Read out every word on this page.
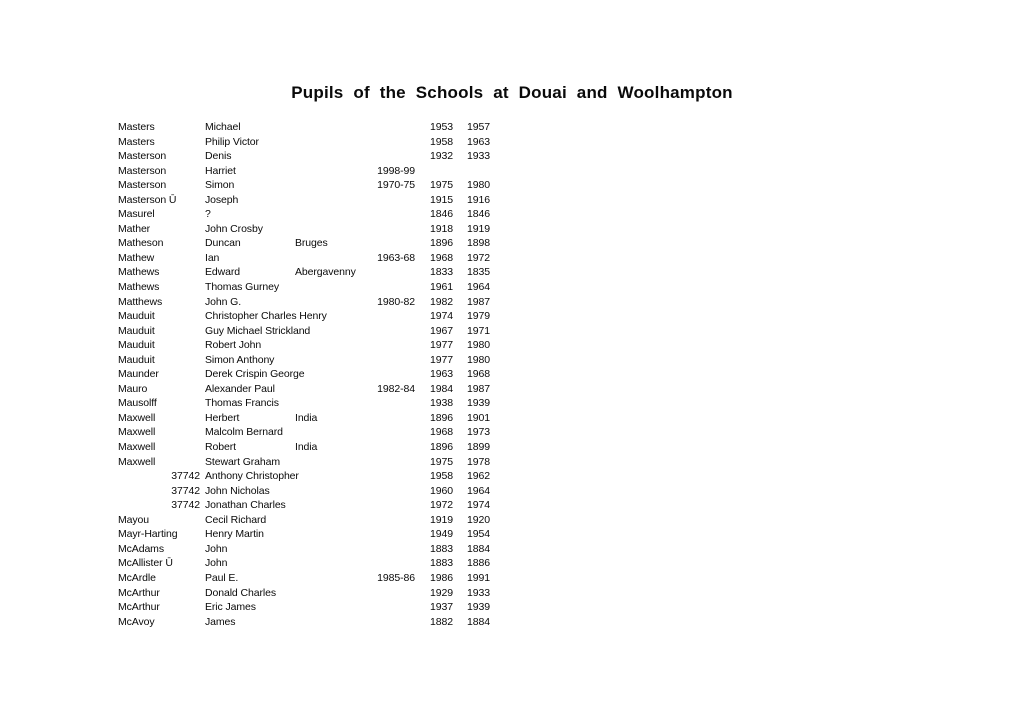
Pupils of the Schools at Douai and Woolhampton
Masters	Michael	1953	1957
Masters	Philip Victor	1958	1963
Masterson	Denis	1932	1933
Masterson	Harriet	1998-99
Masterson	Simon	1970-75	1975	1980
Masterson Ū	Joseph	1915	1916
Masurel	?	1846	1846
Mather	John Crosby	1918	1919
Matheson	Duncan	Bruges	1896	1898
Mathew	Ian	1963-68	1968	1972
Mathews	Edward	Abergavenny	1833	1835
Mathews	Thomas Gurney	1961	1964
Matthews	John G.	1980-82	1982	1987
Mauduit	Christopher Charles Henry	1974	1979
Mauduit	Guy Michael Strickland	1967	1971
Mauduit	Robert John	1977	1980
Mauduit	Simon Anthony	1977	1980
Maunder	Derek Crispin George	1963	1968
Mauro	Alexander Paul	1982-84	1984	1987
Mausolff	Thomas Francis	1938	1939
Maxwell	Herbert	India	1896	1901
Maxwell	Malcolm Bernard	1968	1973
Maxwell	Robert	India	1896	1899
Maxwell	Stewart Graham	1975	1978
37742 Anthony Christopher	1958	1962
37742 John Nicholas	1960	1964
37742 Jonathan Charles	1972	1974
Mayou	Cecil Richard	1919	1920
Mayr-Harting	Henry Martin	1949	1954
McAdams	John	1883	1884
McAllister Ū	John	1883	1886
McArdle	Paul E.	1985-86	1986	1991
McArthur	Donald Charles	1929	1933
McArthur	Eric James	1937	1939
McAvoy	James	1882	1884
